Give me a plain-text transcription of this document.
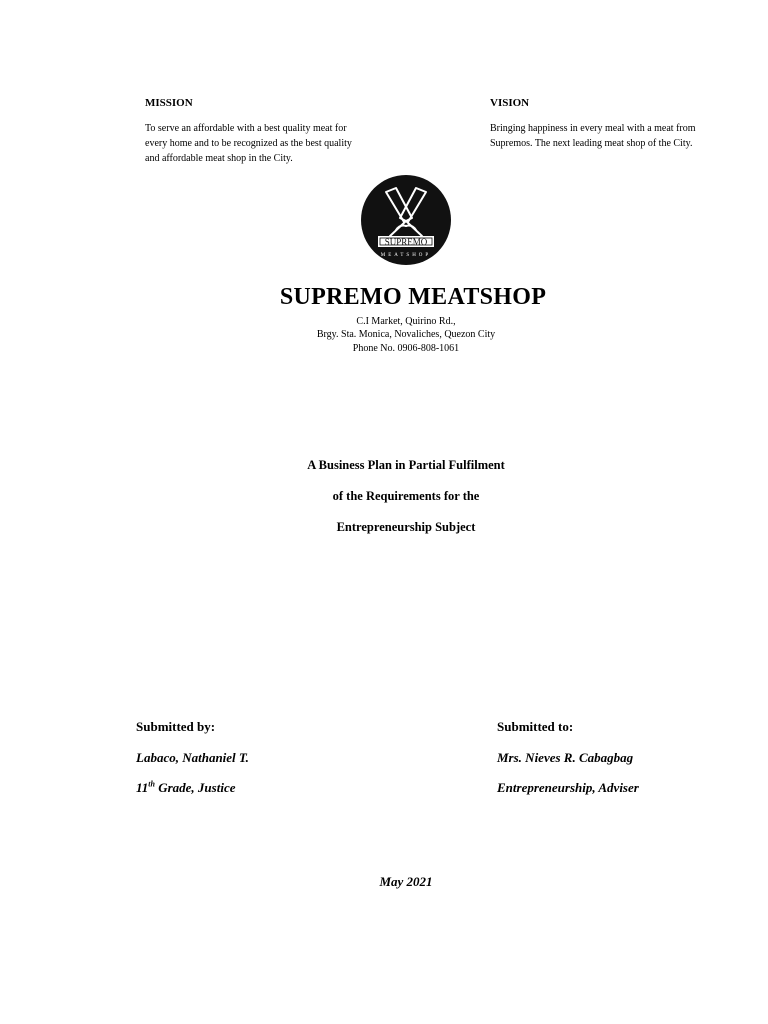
MISSION
To serve an affordable with a best quality meat for every home and to be recognized as the best quality and affordable meat shop in the City.
VISION
Bringing happiness in every meal with a meat from Supremos. The next leading meat shop of the City.
SUPREMO
MEATSHOP
SUPREMO MEATSHOP
C.I Market, Quirino Rd.,
Brgy. Sta. Monica, Novaliches, Quezon City
Phone No. 0906-808-1061
A Business Plan in Partial Fulfilment
of the Requirements for the
Entrepreneurship Subject
Submitted by:
Labaco, Nathaniel T.
11th Grade, Justice
Submitted to:
Mrs. Nieves R. Cabagbag
Entrepreneurship, Adviser
May 2021
